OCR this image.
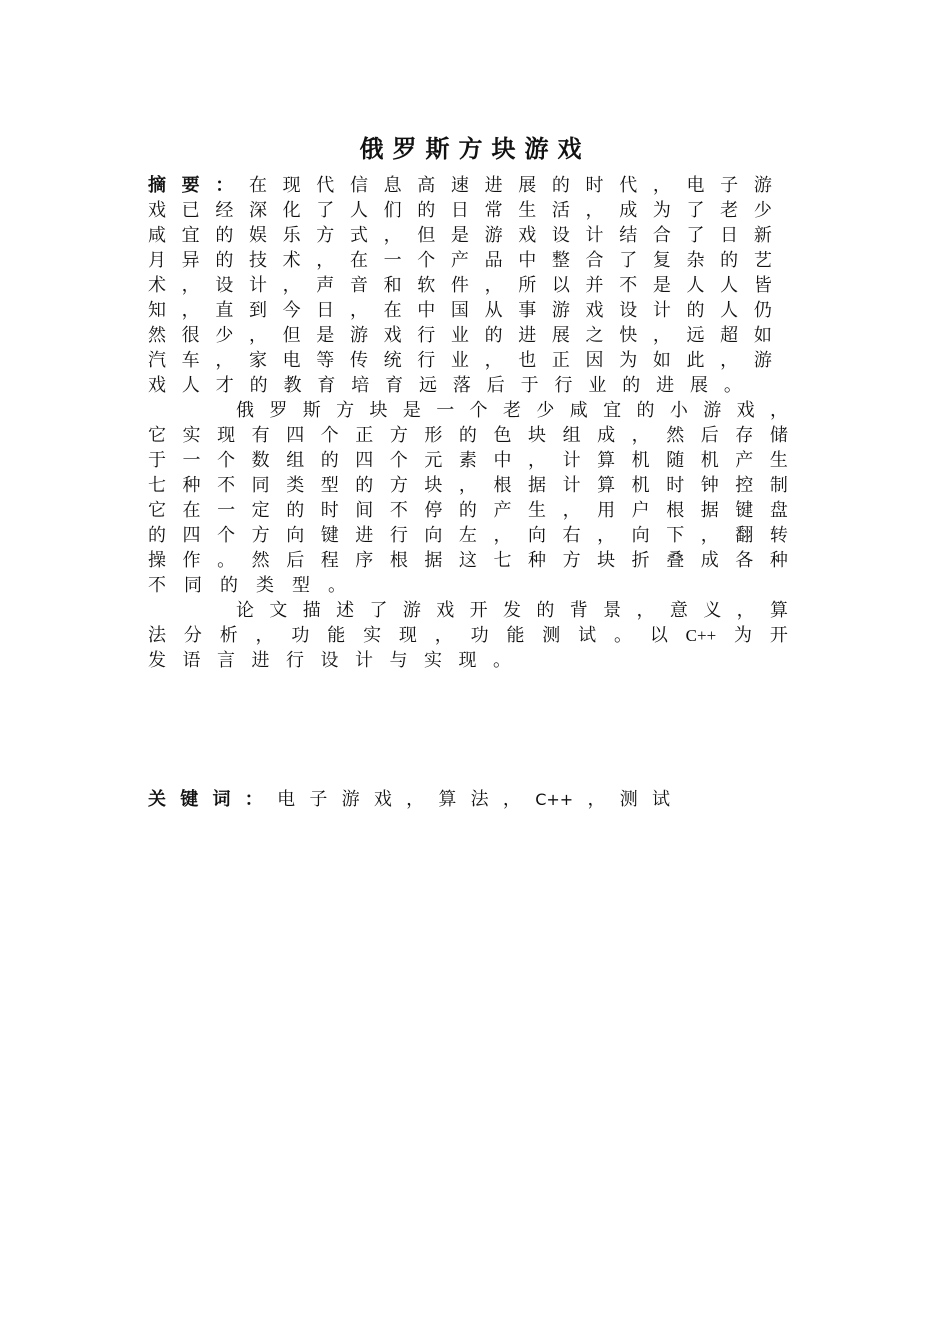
俄罗斯方块游戏
摘 要 ： 在 现 代 信 息 高 速 进 展 的 时 代 ， 电 子 游
戏 已 经 深 化 了 人 们 的 日 常 生 活 ， 成 为 了 老 少
咸 宜 的 娱 乐 方 式 ， 但 是 游 戏 设 计 结 合 了 日 新
月 异 的 技 术 ， 在 一 个 产 品 中 整 合 了 复 杂 的 艺
术 ， 设 计 ， 声 音 和 软 件 ， 所 以 并 不 是 人 人 皆
知 ， 直 到 今 日 ， 在 中 国 从 事 游 戏 设 计 的 人 仍
然 很 少 ， 但 是 游 戏 行 业 的 进 展 之 快 ， 远 超 如
汽 车 ， 家 电 等 传 统 行 业 ， 也 正 因 为 如 此 ， 游
戏 人 才 的 教 育 培 育 远 落 后 于 行 业 的 进 展 。
俄 罗 斯 方 块 是 一 个 老 少 咸 宜 的 小 游 戏 ，
它 实 现 有 四 个 正 方 形 的 色 块 组 成 ， 然 后 存 储
于 一 个 数 组 的 四 个 元 素 中 ， 计 算 机 随 机 产 生
七 种 不 同 类 型 的 方 块 ， 根 据 计 算 机 时 钟 控 制
它 在 一 定 的 时 间 不 停 的 产 生 ， 用 户 根 据 键 盘
的 四 个 方 向 键 进 行 向 左 ， 向 右 ， 向 下 ， 翻 转
操 作 。 然 后 程 序 根 据 这 七 种 方 块 折 叠 成 各 种
不 同 的 类 型 。
论 文 描 述 了 游 戏 开 发 的 背 景 ， 意 义 ， 算
法 分 析 ， 功 能 实 现 ， 功 能 测 试 。 以 C++ 为 开
发 语 言 进 行 设 计 与 实 现 。
关 键 词 ： 电 子 游 戏 ， 算 法 ， C++ ， 测 试
